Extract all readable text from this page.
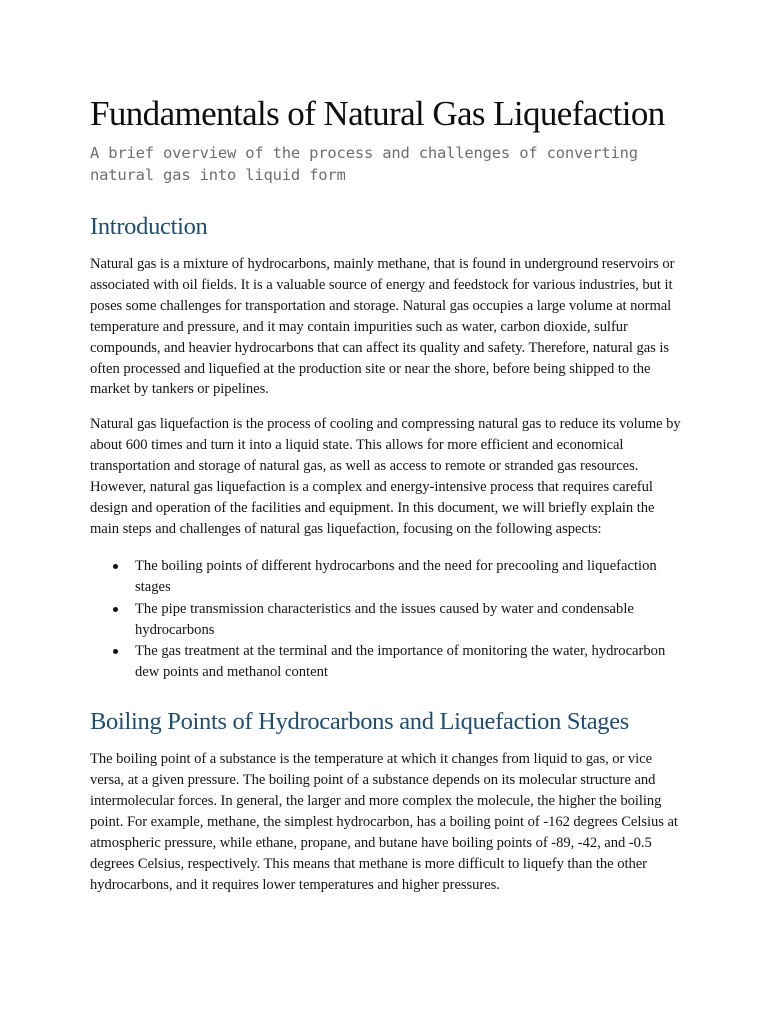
Fundamentals of Natural Gas Liquefaction

A brief overview of the process and challenges of converting natural gas into liquid form

Introduction

Natural gas is a mixture of hydrocarbons, mainly methane, that is found in underground reservoirs or associated with oil fields. It is a valuable source of energy and feedstock for various industries, but it poses some challenges for transportation and storage. Natural gas occupies a large volume at normal temperature and pressure, and it may contain impurities such as water, carbon dioxide, sulfur compounds, and heavier hydrocarbons that can affect its quality and safety. Therefore, natural gas is often processed and liquefied at the production site or near the shore, before being shipped to the market by tankers or pipelines.

Natural gas liquefaction is the process of cooling and compressing natural gas to reduce its volume by about 600 times and turn it into a liquid state. This allows for more efficient and economical transportation and storage of natural gas, as well as access to remote or stranded gas resources. However, natural gas liquefaction is a complex and energy-intensive process that requires careful design and operation of the facilities and equipment. In this document, we will briefly explain the main steps and challenges of natural gas liquefaction, focusing on the following aspects:

The boiling points of different hydrocarbons and the need for precooling and liquefaction stages
The pipe transmission characteristics and the issues caused by water and condensable hydrocarbons
The gas treatment at the terminal and the importance of monitoring the water, hydrocarbon dew points and methanol content
Boiling Points of Hydrocarbons and Liquefaction Stages

The boiling point of a substance is the temperature at which it changes from liquid to gas, or vice versa, at a given pressure. The boiling point of a substance depends on its molecular structure and intermolecular forces. In general, the larger and more complex the molecule, the higher the boiling point. For example, methane, the simplest hydrocarbon, has a boiling point of -162 degrees Celsius at atmospheric pressure, while ethane, propane, and butane have boiling points of -89, -42, and -0.5 degrees Celsius, respectively. This means that methane is more difficult to liquefy than the other hydrocarbons, and it requires lower temperatures and higher pressures.
